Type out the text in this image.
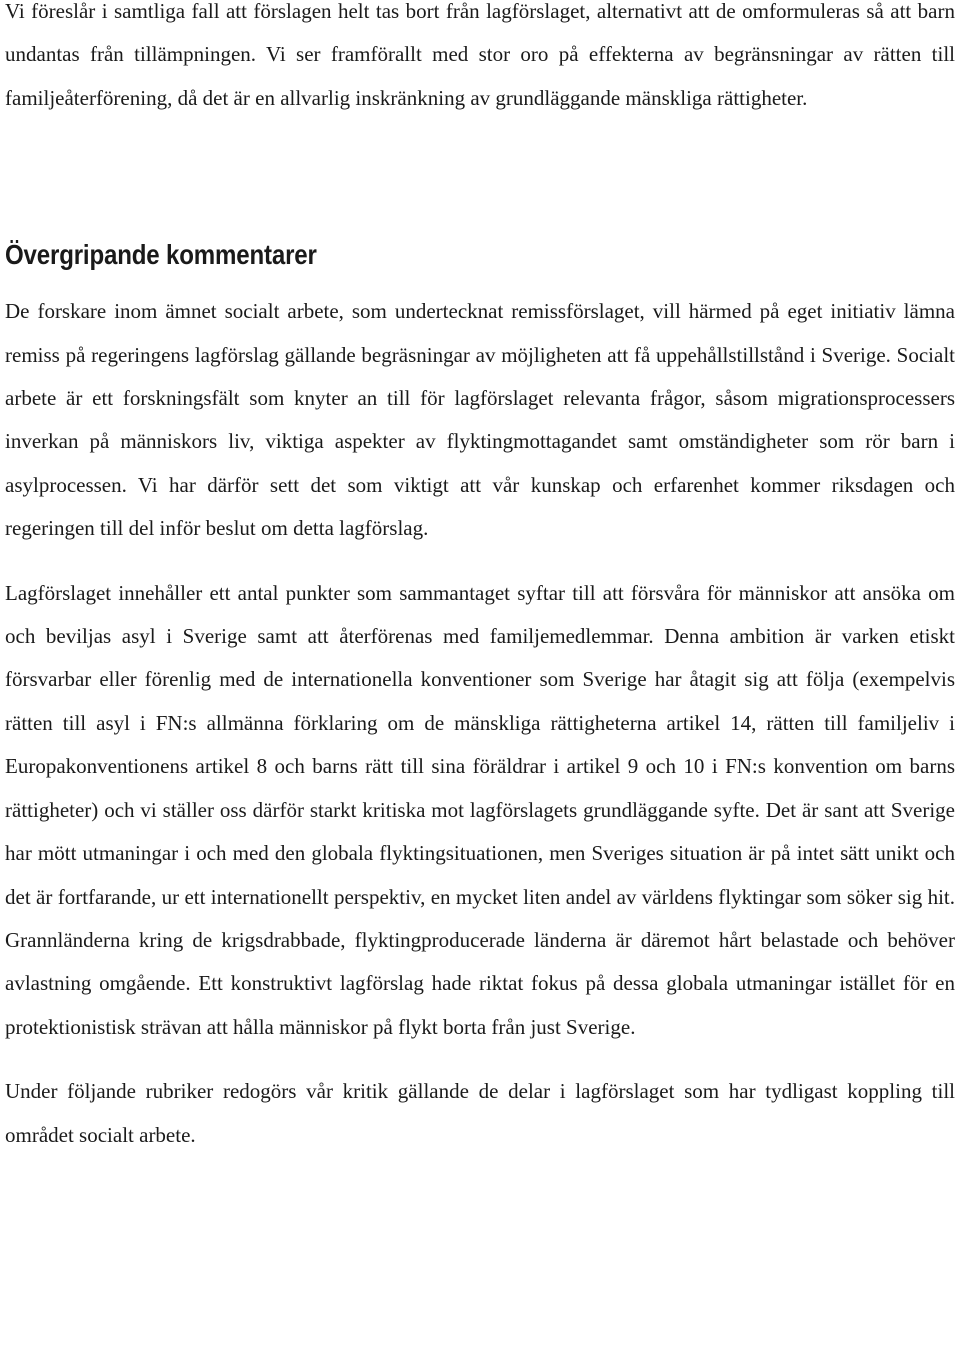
Vi föreslår i samtliga fall att förslagen helt tas bort från lagförslaget, alternativt att de omformuleras så att barn undantas från tillämpningen. Vi ser framförallt med stor oro på effekterna av begränsningar av rätten till familjeåterförening, då det är en allvarlig inskränkning av grundläggande mänskliga rättigheter.

Övergripande kommentarer

De forskare inom ämnet socialt arbete, som undertecknat remissförslaget, vill härmed på eget initiativ lämna remiss på regeringens lagförslag gällande begräsningar av möjligheten att få uppehållstillstånd i Sverige. Socialt arbete är ett forskningsfält som knyter an till för lagförslaget relevanta frågor, såsom migrationsprocessers inverkan på människors liv, viktiga aspekter av flyktingmottagandet samt omständigheter som rör barn i asylprocessen. Vi har därför sett det som viktigt att vår kunskap och erfarenhet kommer riksdagen och regeringen till del inför beslut om detta lagförslag.

Lagförslaget innehåller ett antal punkter som sammantaget syftar till att försvåra för människor att ansöka om och beviljas asyl i Sverige samt att återförenas med familjemedlemmar. Denna ambition är varken etiskt försvarbar eller förenlig med de internationella konventioner som Sverige har åtagit sig att följa (exempelvis rätten till asyl i FN:s allmänna förklaring om de mänskliga rättigheterna artikel 14, rätten till familjeliv i Europakonventionens artikel 8 och barns rätt till sina föräldrar i artikel 9 och 10 i FN:s konvention om barns rättigheter) och vi ställer oss därför starkt kritiska mot lagförslagets grundläggande syfte. Det är sant att Sverige har mött utmaningar i och med den globala flyktingsituationen, men Sveriges situation är på intet sätt unikt och det är fortfarande, ur ett internationellt perspektiv, en mycket liten andel av världens flyktingar som söker sig hit. Grannländerna kring de krigsdrabbade, flyktingproducerade länderna är däremot hårt belastade och behöver avlastning omgående. Ett konstruktivt lagförslag hade riktat fokus på dessa globala utmaningar istället för en protektionistisk strävan att hålla människor på flykt borta från just Sverige.

Under följande rubriker redogörs vår kritik gällande de delar i lagförslaget som har tydligast koppling till området socialt arbete.
